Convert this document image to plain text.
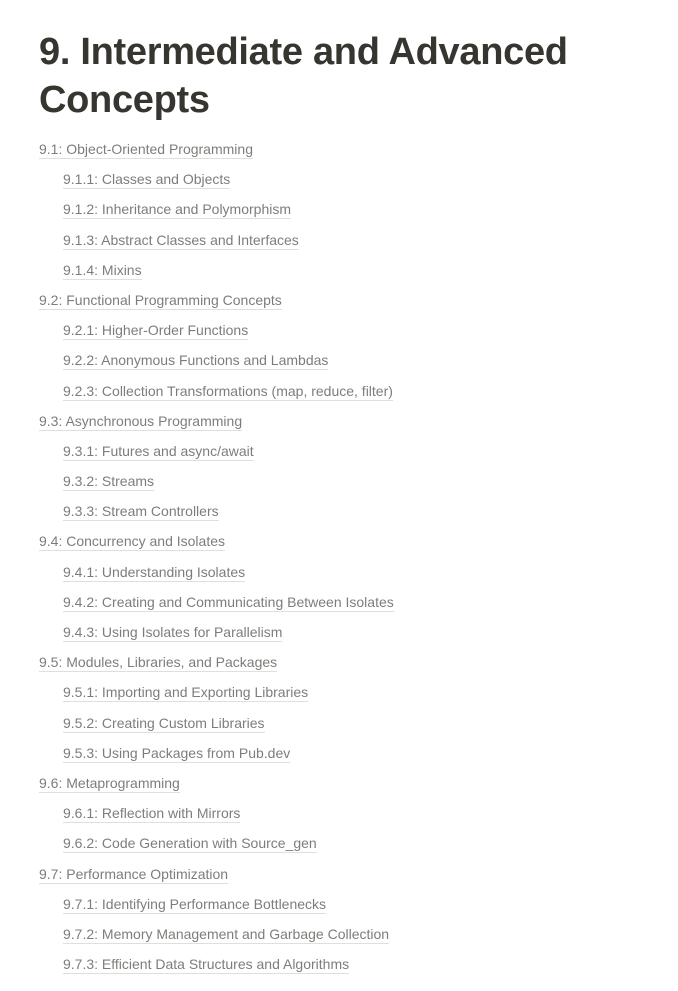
9. Intermediate and Advanced Concepts
9.1: Object-Oriented Programming
9.1.1: Classes and Objects
9.1.2: Inheritance and Polymorphism
9.1.3: Abstract Classes and Interfaces
9.1.4: Mixins
9.2: Functional Programming Concepts
9.2.1: Higher-Order Functions
9.2.2: Anonymous Functions and Lambdas
9.2.3: Collection Transformations (map, reduce, filter)
9.3: Asynchronous Programming
9.3.1: Futures and async/await
9.3.2: Streams
9.3.3: Stream Controllers
9.4: Concurrency and Isolates
9.4.1: Understanding Isolates
9.4.2: Creating and Communicating Between Isolates
9.4.3: Using Isolates for Parallelism
9.5: Modules, Libraries, and Packages
9.5.1: Importing and Exporting Libraries
9.5.2: Creating Custom Libraries
9.5.3: Using Packages from Pub.dev
9.6: Metaprogramming
9.6.1: Reflection with Mirrors
9.6.2: Code Generation with Source_gen
9.7: Performance Optimization
9.7.1: Identifying Performance Bottlenecks
9.7.2: Memory Management and Garbage Collection
9.7.3: Efficient Data Structures and Algorithms
